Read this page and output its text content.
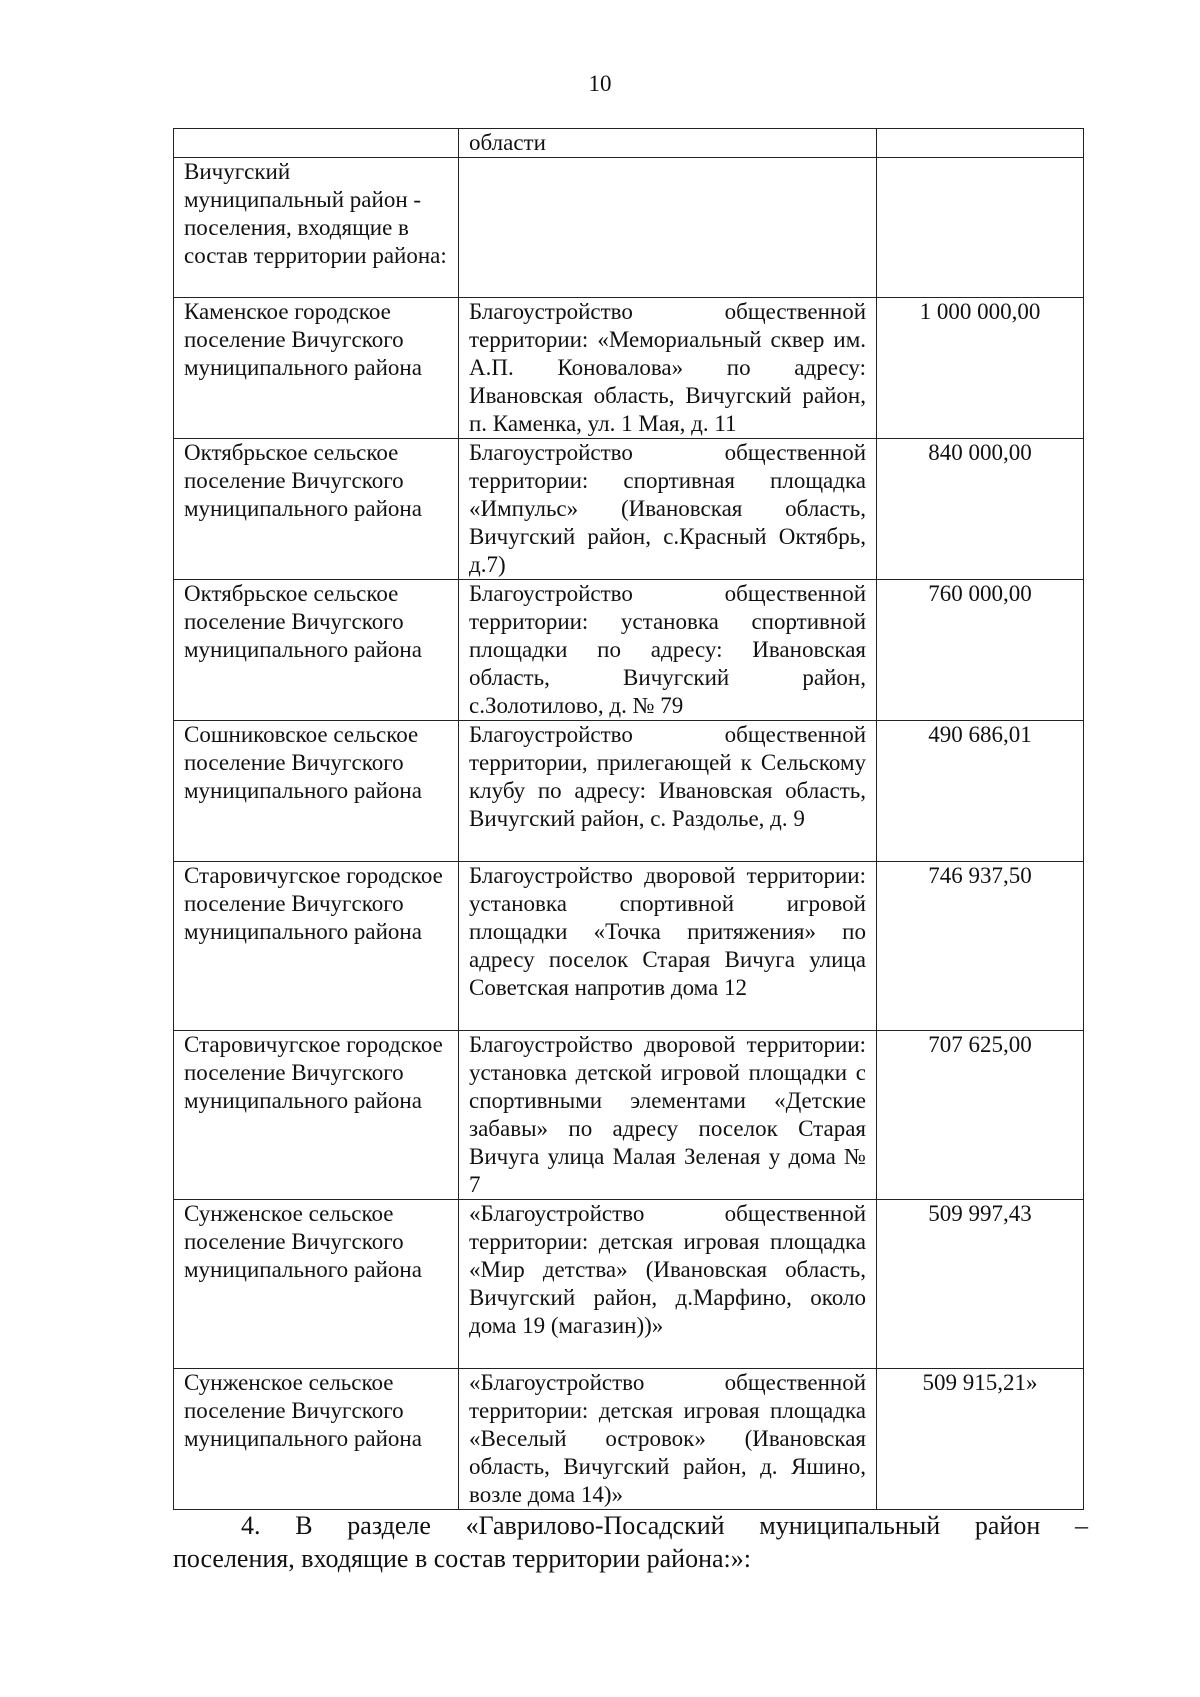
10

	области	

Вичугский муниципальный район - поселения, входящие в состав территории района:		

Каменское городское поселение Вичугского муниципального района	Благоустройство общественной территории: «Мемориальный сквер им. А.П. Коновалова» по адресу: Ивановская область, Вичугский район, п. Каменка, ул. 1 Мая, д. 11	1 000 000,00

Октябрьское сельское поселение Вичугского муниципального района	Благоустройство общественной территории: спортивная площадка «Импульс» (Ивановская область, Вичугский район, с.Красный Октябрь, д.7)	840 000,00

Октябрьское сельское поселение Вичугского муниципального района	Благоустройство общественной территории: установка спортивной площадки по адресу: Ивановская область, Вичугский район, с.Золотилово, д. № 79	760 000,00

Сошниковское сельское поселение Вичугского муниципального района	Благоустройство общественной территории, прилегающей к Сельскому клубу по адресу: Ивановская область, Вичугский район, с. Раздолье, д. 9	490 686,01

Старовичугское городское поселение Вичугского муниципального района	Благоустройство дворовой территории: установка спортивной игровой площадки «Точка притяжения» по адресу поселок Старая Вичуга улица Советская напротив дома 12	746 937,50

Старовичугское городское поселение Вичугского муниципального района	Благоустройство дворовой территории: установка детской игровой площадки с спортивными элементами «Детские забавы» по адресу поселок Старая Вичуга улица Малая Зеленая у дома № 7	707 625,00

Сунженское сельское поселение Вичугского муниципального района	«Благоустройство общественной территории: детская игровая площадка «Мир детства» (Ивановская область, Вичугский район, д.Марфино, около дома 19 (магазин))»	509 997,43

Сунженское сельское поселение Вичугского муниципального района	«Благоустройство общественной территории: детская игровая площадка «Веселый островок» (Ивановская область, Вичугский район, д. Яшино, возле дома 14)»	509 915,21»
4. В разделе «Гаврилово-Посадский муниципальный район –
поселения, входящие в состав территории района:»:
